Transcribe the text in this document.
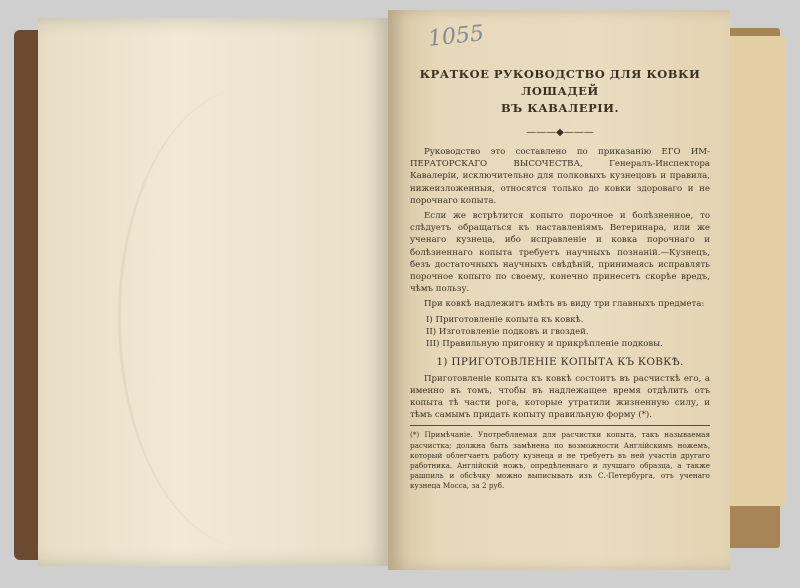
1055

КРАТКОЕ РУКОВОДСТВО ДЛЯ КОВКИ ЛОШАДЕЙ

ВЪ КАВАЛЕРІИ.

———◆———

Руководство это составлено по приказанію ЕГО ИМ-ПЕРАТОРСКАГО ВЫСОЧЕСТВА, Генералъ-Инспектора Кавалеріи, исключительно для полковыхъ кузнецовъ и правила, нижеизложенныя, относятся только до ковки здороваго и не порочнаго копыта.

Если же встрѣтится копыто порочное и болѣзненное, то слѣдуетъ обращаться къ наставленіямъ Ветеринара, или же ученаго кузнеца, ибо исправленіе и ковка порочнаго и болѣзненнаго копыта требуетъ научныхъ познаній.—Кузнецъ, безъ достаточныхъ научныхъ свѣдѣній, принимаясь исправлять порочное копыто по своему, конечно принесетъ скорѣе вредъ, чѣмъ пользу.

При ковкѣ надлежитъ имѣть въ виду три главныхъ предмета:

I) Приготовленіе копыта къ ковкѣ.
II) Изготовленіе подковъ и гвоздей.
III) Правильную пригонку и прикрѣпленіе подковы.

1) ПРИГОТОВЛЕНІЕ КОПЫТА КЪ КОВКѢ.

Приготовленіе копыта къ ковкѣ состоитъ въ расчисткѣ его, а именно въ томъ, чтобы въ надлежащее время отдѣлить отъ копыта тѣ части рога, которые утратили жизненную силу, и тѣмъ самымъ придать копыту правильную форму (*).

(*) Примѣчаніе. Употребляемая для расчистки копыта, такъ называемая расчистка; должна быть замѣнена по возможности Англійскимъ ножемъ, который облегчаетъ работу кузнеца и не требуетъ въ ней участія другаго работника. Англійскій ножъ, опредѣленнаго и лучшаго образца, а также рашпиль и обсѣчку можно выписывать изъ С.-Петербурга, отъ ученаго кузнеца Мосса, за 2 руб.
